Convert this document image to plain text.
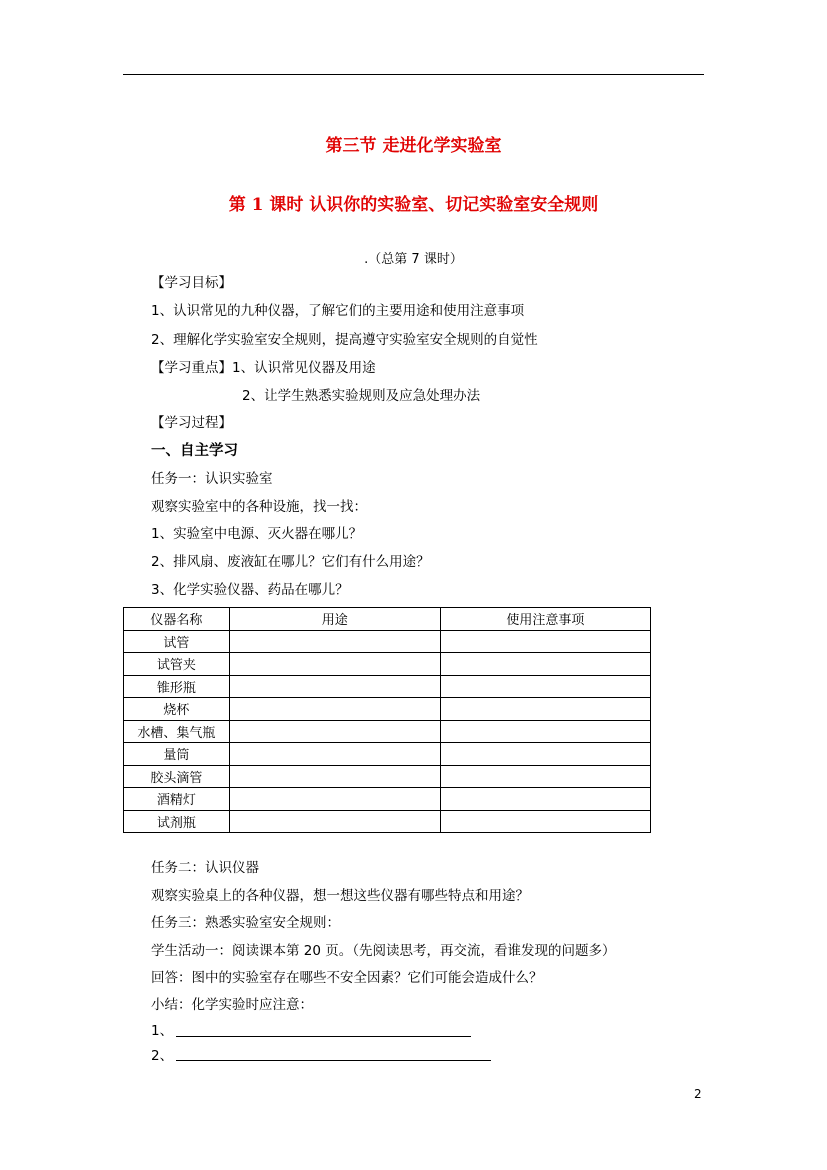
第三节 走进化学实验室
第 1 课时 认识你的实验室、切记实验室安全规则
.（总第 7 课时）
【学习目标】
1、认识常见的九种仪器，了解它们的主要用途和使用注意事项
2、理解化学实验室安全规则，提高遵守实验室安全规则的自觉性
【学习重点】1、认识常见仪器及用途
2、让学生熟悉实验规则及应急处理办法
【学习过程】
一、自主学习
任务一：认识实验室
观察实验室中的各种设施，找一找：
1、实验室中电源、灭火器在哪儿？
2、排风扇、废液缸在哪儿？它们有什么用途？
3、化学实验仪器、药品在哪儿？
仪器名称	用途	使用注意事项
试管		
试管夹		
锥形瓶		
烧杯		
水槽、集气瓶		
量筒		
胶头滴管		
酒精灯		
试剂瓶		
任务二：认识仪器
观察实验桌上的各种仪器，想一想这些仪器有哪些特点和用途？
任务三：熟悉实验室安全规则：
学生活动一：阅读课本第 20 页。（先阅读思考，再交流，看谁发现的问题多）
回答：图中的实验室存在哪些不安全因素？它们可能会造成什么？
小结：化学实验时应注意：
1、
2、
2
